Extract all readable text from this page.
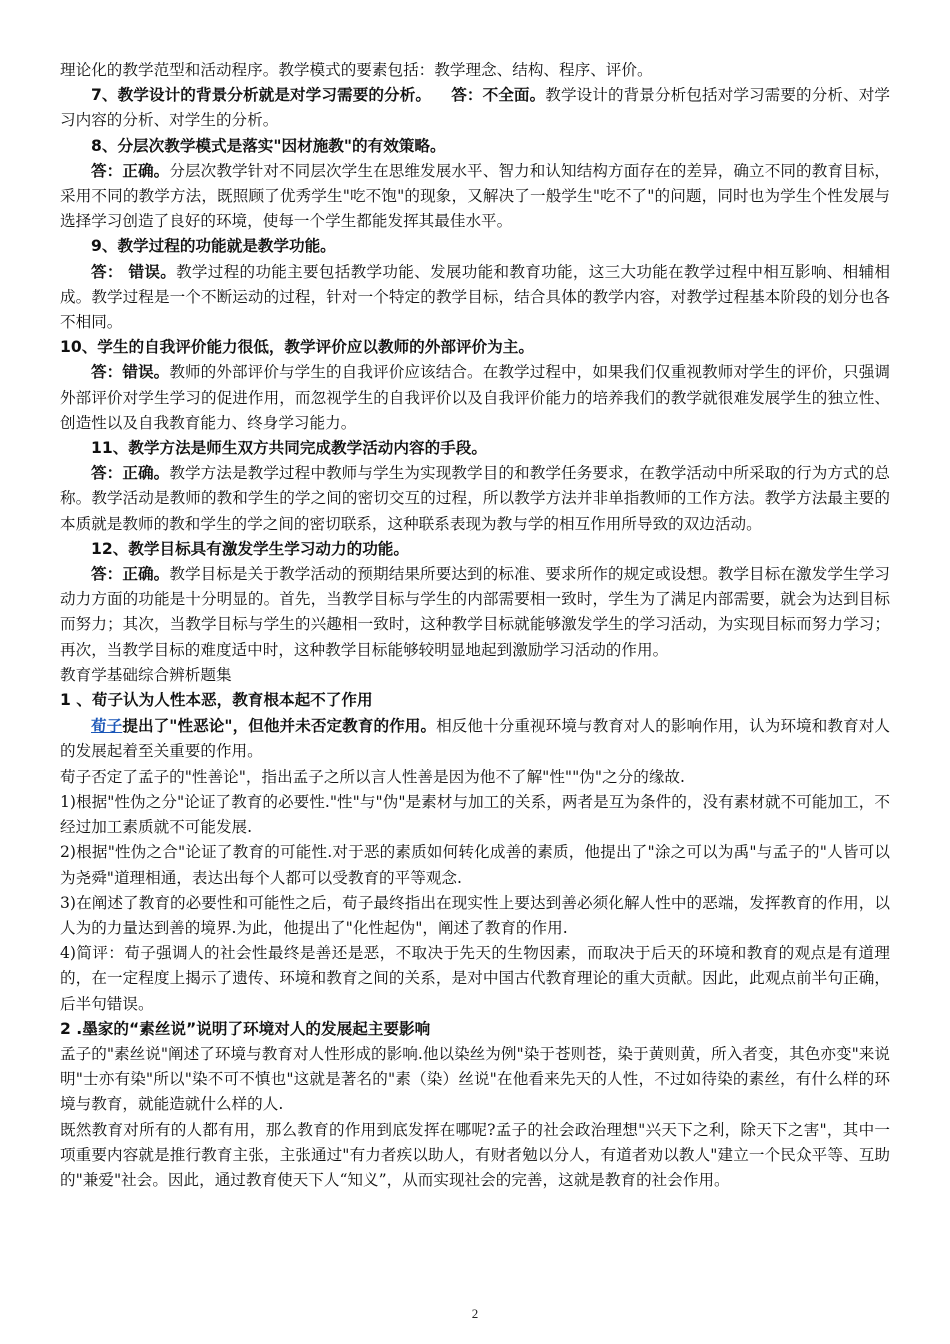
理论化的教学范型和活动程序。教学模式的要素包括：教学理念、结构、程序、评价。

7、教学设计的背景分析就是对学习需要的分析。 答：不全面。教学设计的背景分析包括对学习需要的分析、对学习内容的分析、对学生的分析。

8、分层次教学模式是落实"因材施教"的有效策略。

答：正确。分层次教学针对不同层次学生在思维发展水平、智力和认知结构方面存在的差异，确立不同的教育目标，采用不同的教学方法，既照顾了优秀学生"吃不饱"的现象，又解决了一般学生"吃不了"的问题，同时也为学生个性发展与选择学习创造了良好的环境，使每一个学生都能发挥其最佳水平。

9、教学过程的功能就是教学功能。

答： 错误。教学过程的功能主要包括教学功能、发展功能和教育功能，这三大功能在教学过程中相互影响、相辅相成。教学过程是一个不断运动的过程，针对一个特定的教学目标，结合具体的教学内容，对教学过程基本阶段的划分也各不相同。

10、学生的自我评价能力很低，教学评价应以教师的外部评价为主。

答：错误。教师的外部评价与学生的自我评价应该结合。在教学过程中，如果我们仅重视教师对学生的评价，只强调外部评价对学生学习的促进作用，而忽视学生的自我评价以及自我评价能力的培养我们的教学就很难发展学生的独立性、创造性以及自我教育能力、终身学习能力。

11、教学方法是师生双方共同完成教学活动内容的手段。

答：正确。教学方法是教学过程中教师与学生为实现教学目的和教学任务要求，在教学活动中所采取的行为方式的总称。教学活动是教师的教和学生的学之间的密切交互的过程，所以教学方法并非单指教师的工作方法。教学方法最主要的本质就是教师的教和学生的学之间的密切联系，这种联系表现为教与学的相互作用所导致的双边活动。

12、教学目标具有激发学生学习动力的功能。

答：正确。教学目标是关于教学活动的预期结果所要达到的标准、要求所作的规定或设想。教学目标在激发学生学习动力方面的功能是十分明显的。首先，当教学目标与学生的内部需要相一致时，学生为了满足内部需要，就会为达到目标而努力；其次，当教学目标与学生的兴趣相一致时，这种教学目标就能够激发学生的学习活动，为实现目标而努力学习；再次，当教学目标的难度适中时，这种教学目标能够较明显地起到激励学习活动的作用。

教育学基础综合辨析题集

1 、荀子认为人性本恶，教育根本起不了作用

荀子提出了"性恶论"，但他并未否定教育的作用。相反他十分重视环境与教育对人的影响作用，认为环境和教育对人的发展起着至关重要的作用。

荀子否定了孟子的"性善论"，指出孟子之所以言人性善是因为他不了解"性""伪"之分的缘故.

1)根据"性伪之分"论证了教育的必要性."性"与"伪"是素材与加工的关系，两者是互为条件的，没有素材就不可能加工，不经过加工素质就不可能发展.

2)根据"性伪之合"论证了教育的可能性.对于恶的素质如何转化成善的素质，他提出了"涂之可以为禹"与孟子的"人皆可以为尧舜"道理相通，表达出每个人都可以受教育的平等观念.

3)在阐述了教育的必要性和可能性之后，荀子最终指出在现实性上要达到善必须化解人性中的恶端，发挥教育的作用，以人为的力量达到善的境界.为此，他提出了"化性起伪"，阐述了教育的作用.

4)简评：荀子强调人的社会性最终是善还是恶，不取决于先天的生物因素，而取决于后天的环境和教育的观点是有道理的，在一定程度上揭示了遗传、环境和教育之间的关系，是对中国古代教育理论的重大贡献。因此，此观点前半句正确，后半句错误。

2 .墨家的“素丝说”说明了环境对人的发展起主要影响

孟子的"素丝说"阐述了环境与教育对人性形成的影响.他以染丝为例"染于苍则苍，染于黄则黄，所入者变，其色亦变"来说明"士亦有染"所以"染不可不慎也"这就是著名的"素（染）丝说"在他看来先天的人性，不过如待染的素丝，有什么样的环境与教育，就能造就什么样的人.

既然教育对所有的人都有用，那么教育的作用到底发挥在哪呢?孟子的社会政治理想"兴天下之利，除天下之害"，其中一项重要内容就是推行教育主张，主张通过"有力者疾以助人，有财者勉以分人，有道者劝以教人"建立一个民众平等、互助的"兼爱"社会。因此，通过教育使天下人“知义”，从而实现社会的完善，这就是教育的社会作用。

2
